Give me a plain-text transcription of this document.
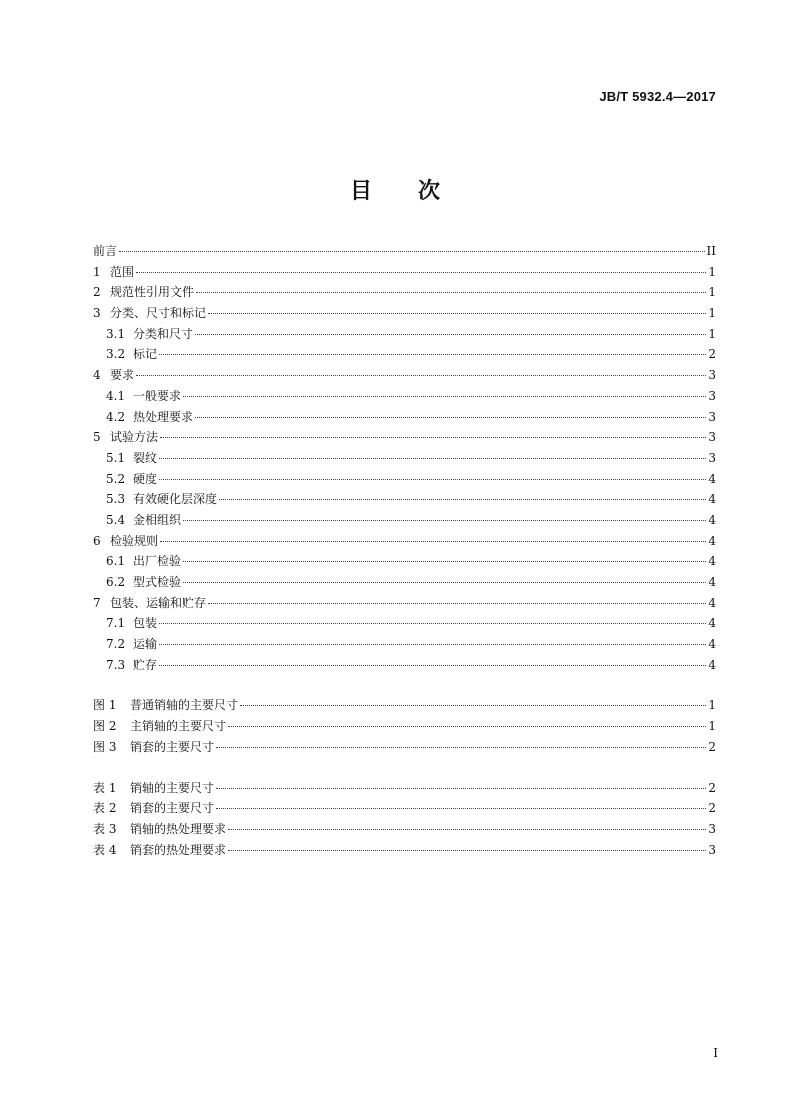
JB/T 5932.4—2017
目 次
前言	II
1 范围	1
2 规范性引用文件	1
3 分类、尺寸和标记	1
3.1 分类和尺寸	1
3.2 标记	2
4 要求	3
4.1 一般要求	3
4.2 热处理要求	3
5 试验方法	3
5.1 裂纹	3
5.2 硬度	4
5.3 有效硬化层深度	4
5.4 金相组织	4
6 检验规则	4
6.1 出厂检验	4
6.2 型式检验	4
7 包装、运输和贮存	4
7.1 包装	4
7.2 运输	4
7.3 贮存	4
图 1	普通销轴的主要尺寸	1
图 2	主销轴的主要尺寸	1
图 3	销套的主要尺寸	2
表 1	销轴的主要尺寸	2
表 2	销套的主要尺寸	2
表 3	销轴的热处理要求	3
表 4	销套的热处理要求	3
I
